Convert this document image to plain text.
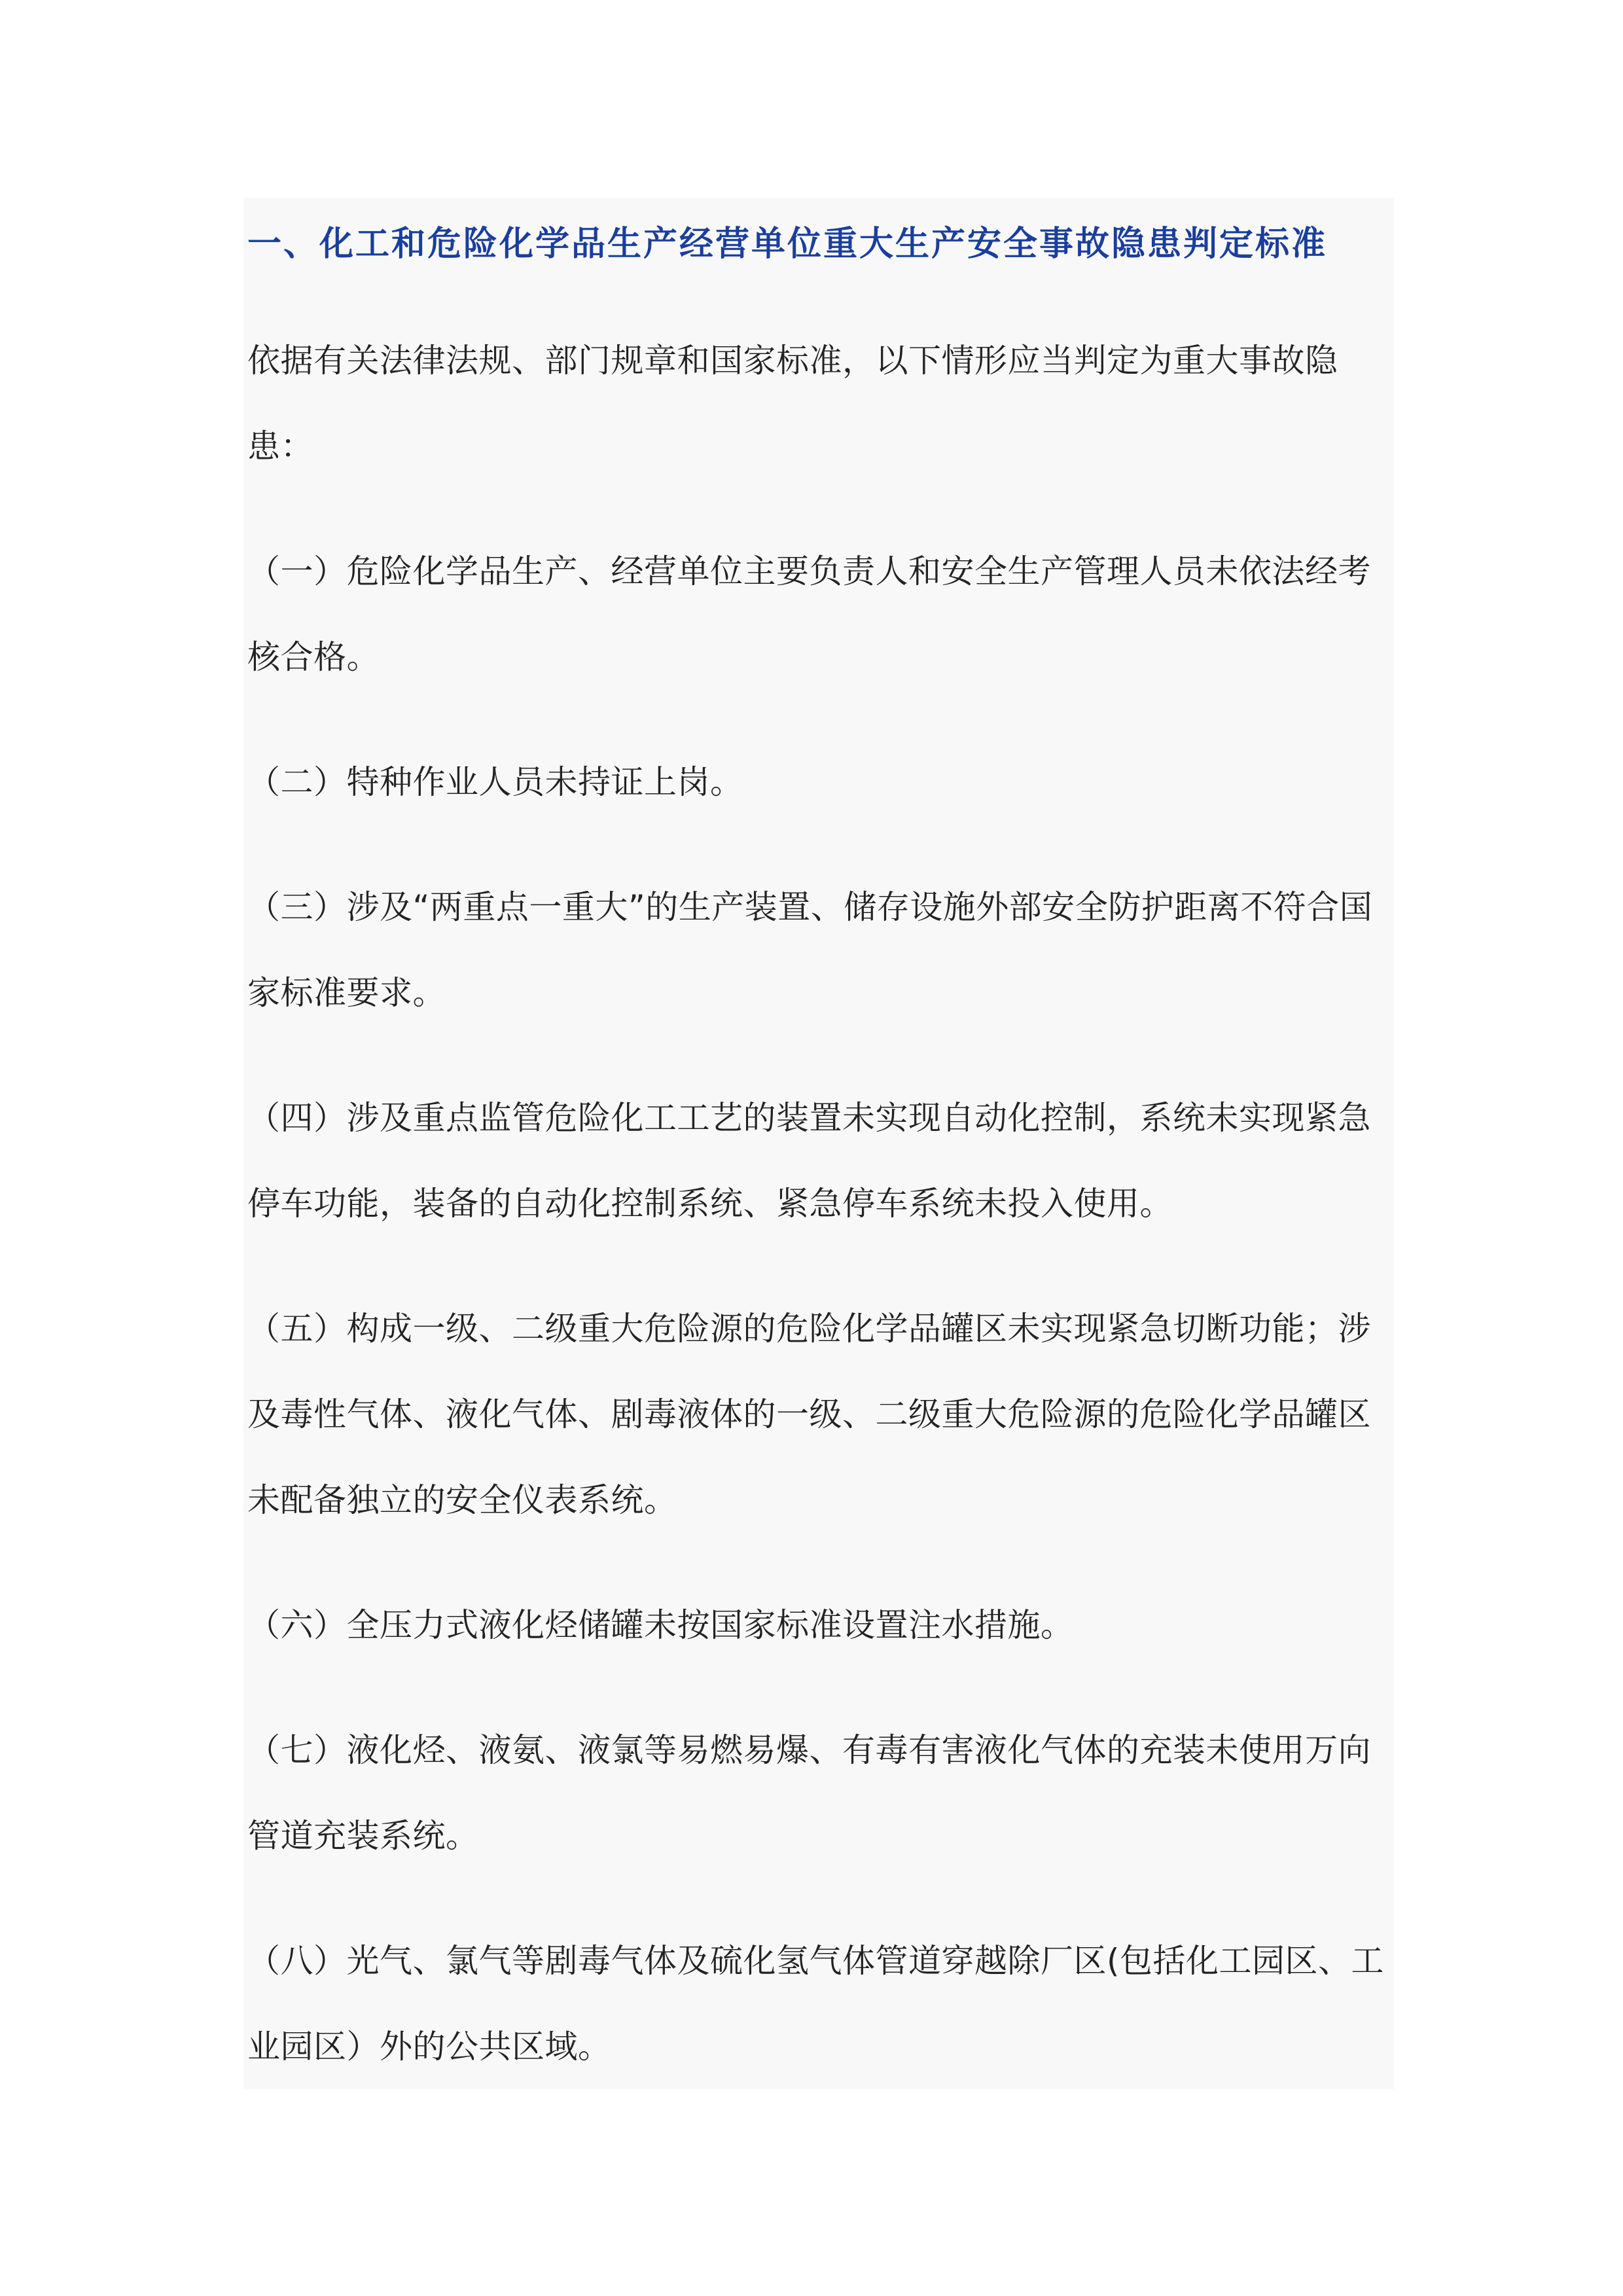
一、化工和危险化学品生产经营单位重大生产安全事故隐患判定标准

依据有关法律法规、部门规章和国家标准，以下情形应当判定为重大事故隐患：

（一）危险化学品生产、经营单位主要负责人和安全生产管理人员未依法经考核合格。

（二）特种作业人员未持证上岗。

（三）涉及“两重点一重大”的生产装置、储存设施外部安全防护距离不符合国家标准要求。

（四）涉及重点监管危险化工工艺的装置未实现自动化控制，系统未实现紧急停车功能，装备的自动化控制系统、紧急停车系统未投入使用。

（五）构成一级、二级重大危险源的危险化学品罐区未实现紧急切断功能；涉及毒性气体、液化气体、剧毒液体的一级、二级重大危险源的危险化学品罐区未配备独立的安全仪表系统。

（六）全压力式液化烃储罐未按国家标准设置注水措施。

（七）液化烃、液氨、液氯等易燃易爆、有毒有害液化气体的充装未使用万向管道充装系统。

（八）光气、氯气等剧毒气体及硫化氢气体管道穿越除厂区(包括化工园区、工业园区）外的公共区域。
